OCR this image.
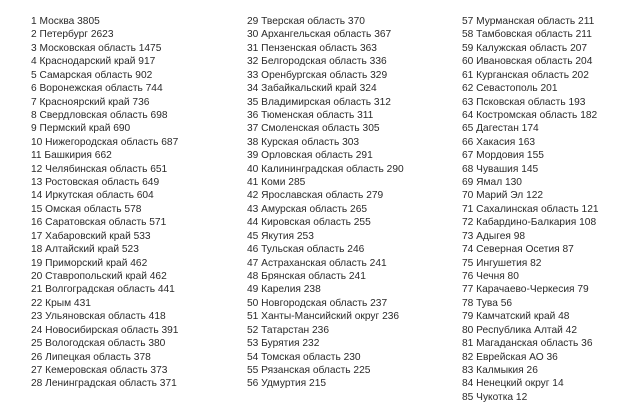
1 Москва 3805
2 Петербург 2623
3 Московская область 1475
4 Краснодарский край 917
5 Самарская область 902
6 Воронежская область 744
7 Красноярский край 736
8 Свердловская область 698
9 Пермский край 690
10 Нижегородская область 687
11 Башкирия 662
12 Челябинская область 651
13 Ростовская область 649
14 Иркутская область 604
15 Омская область 578
16 Саратовская область 571
17 Хабаровский край 533
18 Алтайский край 523
19 Приморский край 462
20 Ставропольский край 462
21 Волгоградская область 441
22 Крым 431
23 Ульяновская область 418
24 Новосибирская область 391
25 Вологодская область 380
26 Липецкая область 378
27 Кемеровская область 373
28 Ленинградская область 371
29 Тверская область 370
30 Архангельская область 367
31 Пензенская область 363
32 Белгородская область 336
33 Оренбургская область 329
34 Забайкальский край 324
35 Владимирская область 312
36 Тюменская область 311
37 Смоленская область 305
38 Курская область 303
39 Орловская область 291
40 Калининградская область 290
41 Коми 285
42 Ярославская область 279
43 Амурская область 265
44 Кировская область 255
45 Якутия 253
46 Тульская область 246
47 Астраханская область 241
48 Брянская область 241
49 Карелия 238
50 Новгородская область 237
51 Ханты-Мансийский округ 236
52 Татарстан 236
53 Бурятия 232
54 Томская область 230
55 Рязанская область 225
56 Удмуртия 215
57 Мурманская область 211
58 Тамбовская область 211
59 Калужская область 207
60 Ивановская область 204
61 Курганская область 202
62 Севастополь 201
63 Псковская область 193
64 Костромская область 182
65 Дагестан 174
66 Хакасия 163
67 Мордовия 155
68 Чувашия 145
69 Ямал 130
70 Марий Эл 122
71 Сахалинская область 121
72 Кабардино-Балкария 108
73 Адыгея 98
74 Северная Осетия 87
75 Ингушетия 82
76 Чечня 80
77 Карачаево-Черкесия 79
78 Тува 56
79 Камчатский край 48
80 Республика Алтай 42
81 Магаданская область 36
82 Еврейская АО 36
83 Калмыкия 26
84 Ненецкий округ 14
85 Чукотка 12
